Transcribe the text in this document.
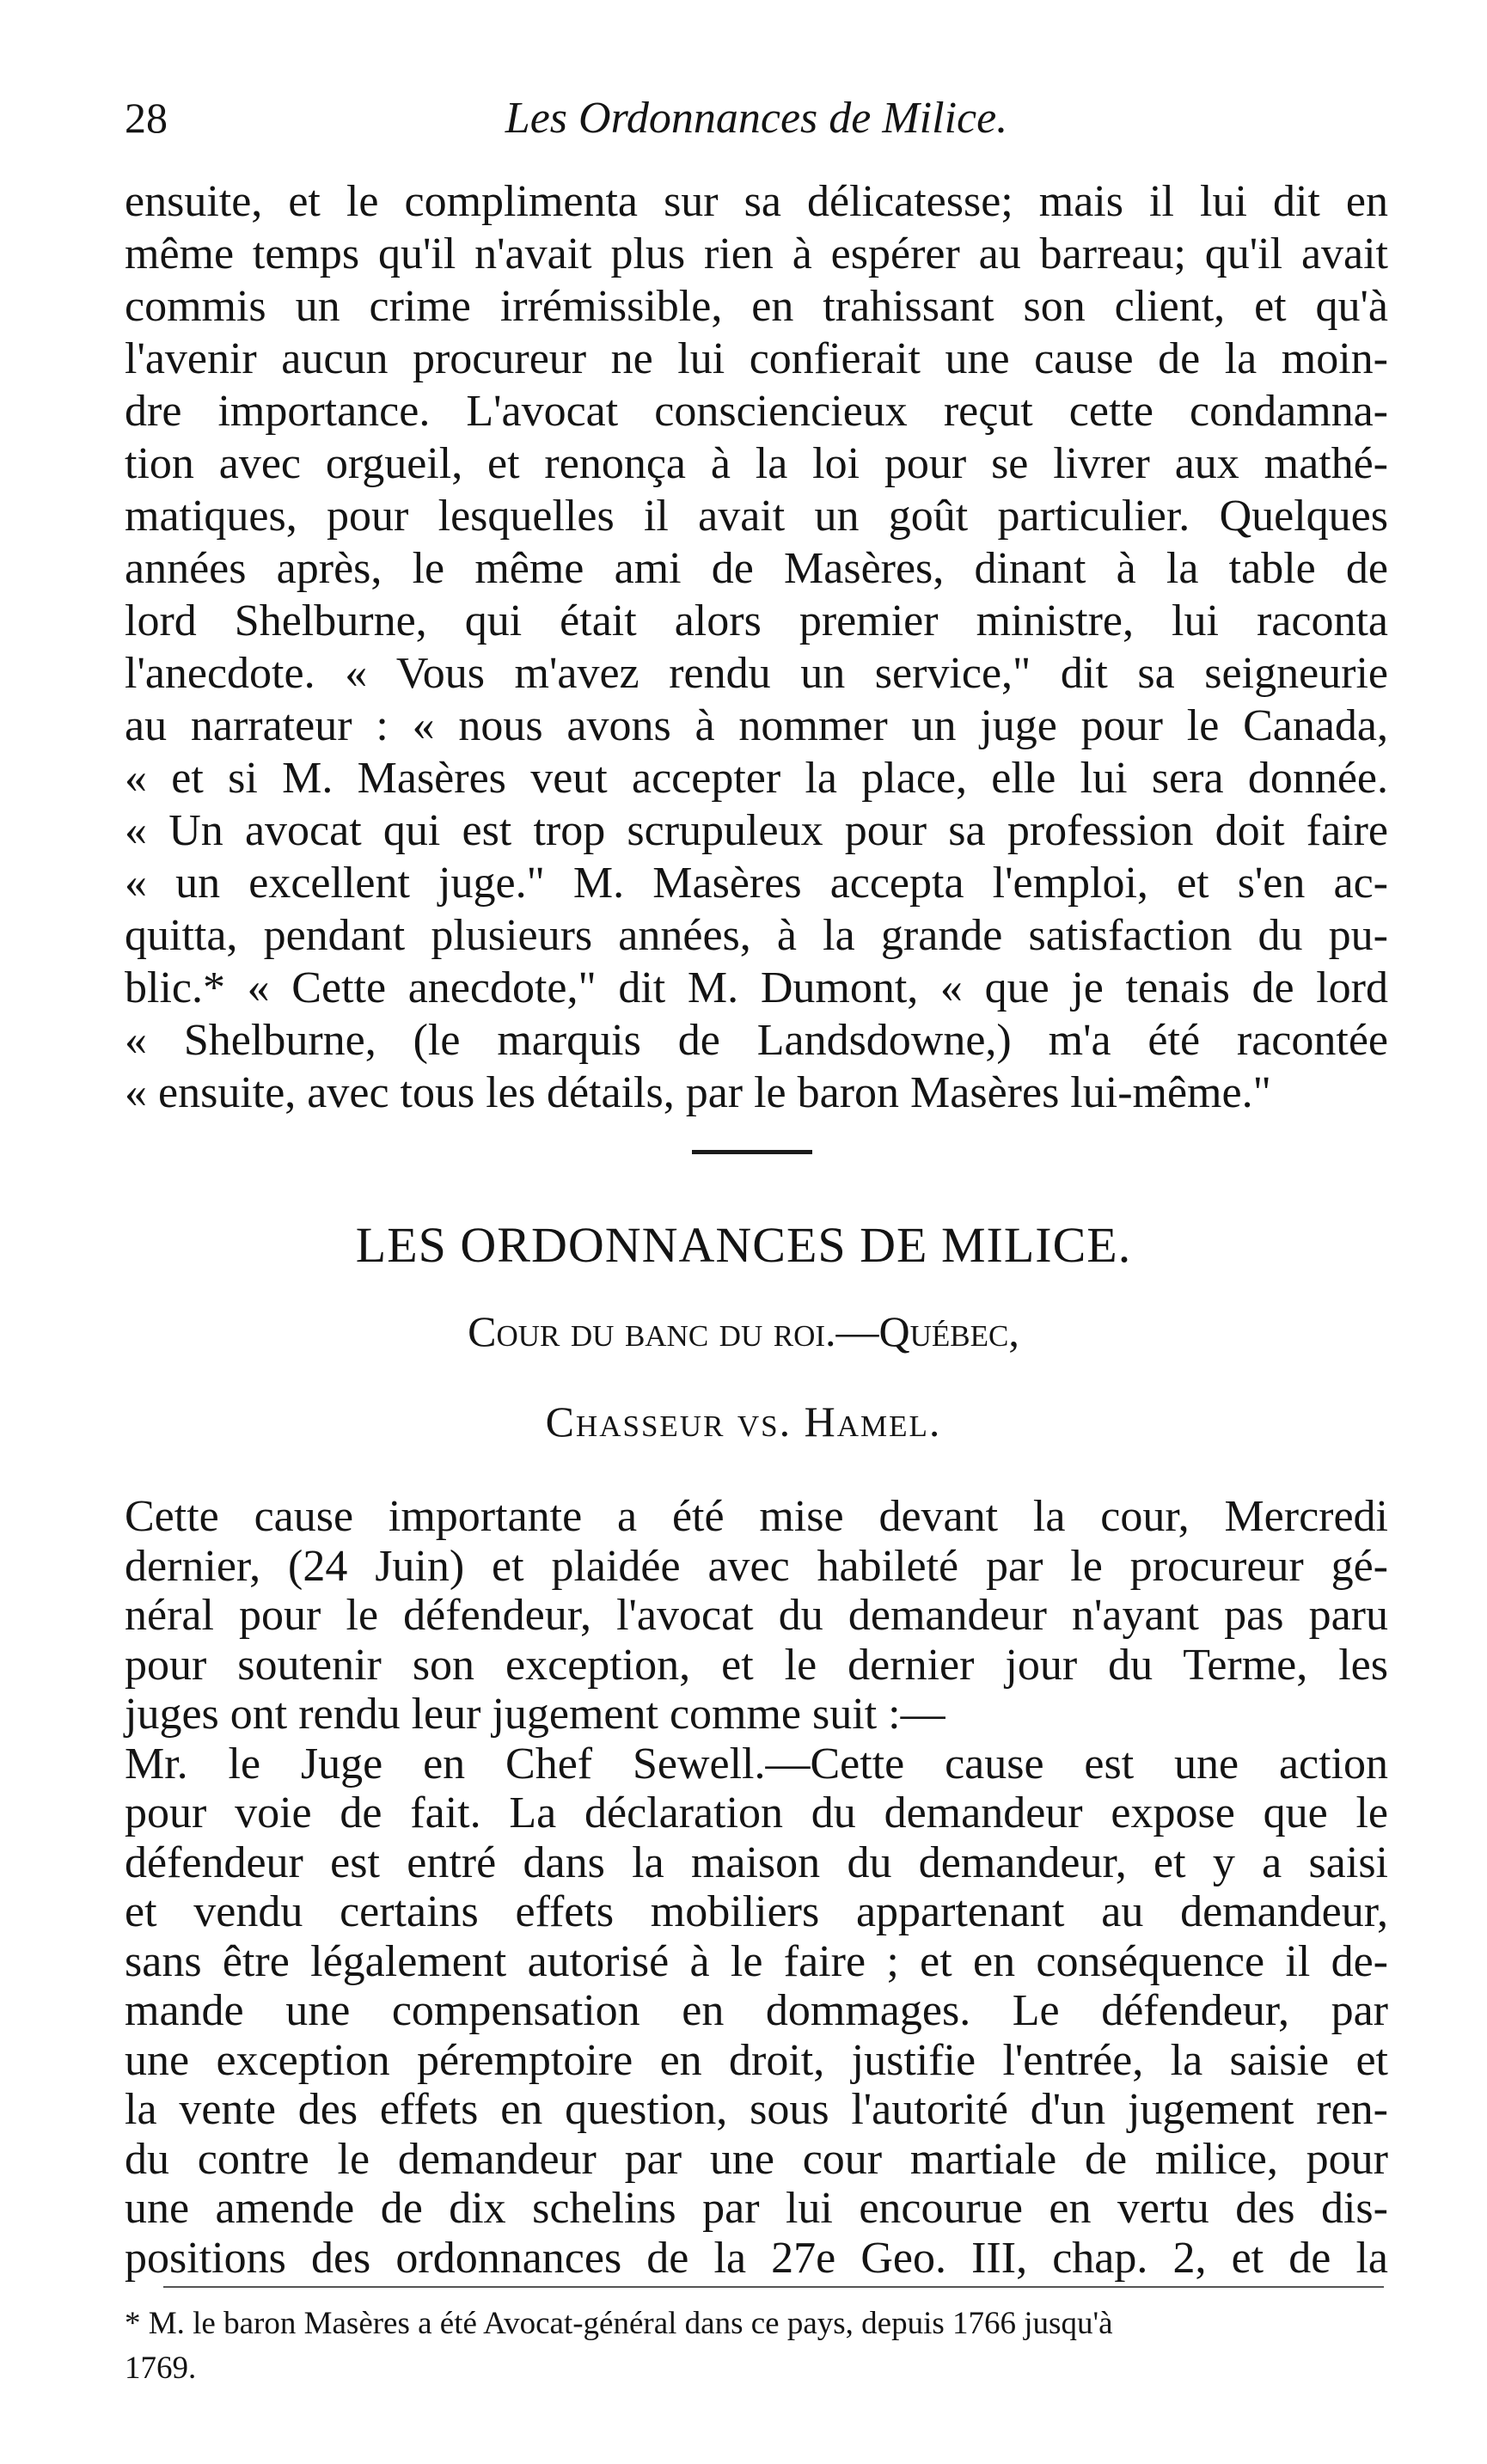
28	Les Ordonnances de Milice.
ensuite, et le complimenta sur sa délicatesse; mais il lui dit en
même temps qu'il n'avait plus rien à espérer au barreau; qu'il avait
commis un crime irrémissible, en trahissant son client, et qu'à
l'avenir aucun procureur ne lui confierait une cause de la moin-
dre importance. L'avocat consciencieux reçut cette condamna-
tion avec orgueil, et renonça à la loi pour se livrer aux mathé-
matiques, pour lesquelles il avait un goût particulier. Quelques
années après, le même ami de Masères, dinant à la table de
lord Shelburne, qui était alors premier ministre, lui raconta
l'anecdote. « Vous m'avez rendu un service," dit sa seigneurie
au narrateur : « nous avons à nommer un juge pour le Canada,
« et si M. Masères veut accepter la place, elle lui sera donnée.
« Un avocat qui est trop scrupuleux pour sa profession doit faire
« un excellent juge." M. Masères accepta l'emploi, et s'en ac-
quitta, pendant plusieurs années, à la grande satisfaction du pu-
blic.* « Cette anecdote," dit M. Dumont, « que je tenais de lord
« Shelburne, (le marquis de Landsdowne,) m'a été racontée
« ensuite, avec tous les détails, par le baron Masères lui-même."
LES ORDONNANCES DE MILICE.
Cour du banc du roi.—Québec,
Chasseur vs. Hamel.
Cette cause importante a été mise devant la cour, Mercredi
dernier, (24 Juin) et plaidée avec habileté par le procureur gé-
néral pour le défendeur, l'avocat du demandeur n'ayant pas paru
pour soutenir son exception, et le dernier jour du Terme, les
juges ont rendu leur jugement comme suit :—
Mr. le Juge en Chef Sewell.—Cette cause est une action
pour voie de fait. La déclaration du demandeur expose que le
défendeur est entré dans la maison du demandeur, et y a saisi
et vendu certains effets mobiliers appartenant au demandeur,
sans être légalement autorisé à le faire ; et en conséquence il de-
mande une compensation en dommages. Le défendeur, par
une exception péremptoire en droit, justifie l'entrée, la saisie et
la vente des effets en question, sous l'autorité d'un jugement ren-
du contre le demandeur par une cour martiale de milice, pour
une amende de dix schelins par lui encourue en vertu des dis-
positions des ordonnances de la 27e Geo. III, chap. 2, et de la
* M. le baron Masères a été Avocat-général dans ce pays, depuis 1766 jusqu'à
1769.
